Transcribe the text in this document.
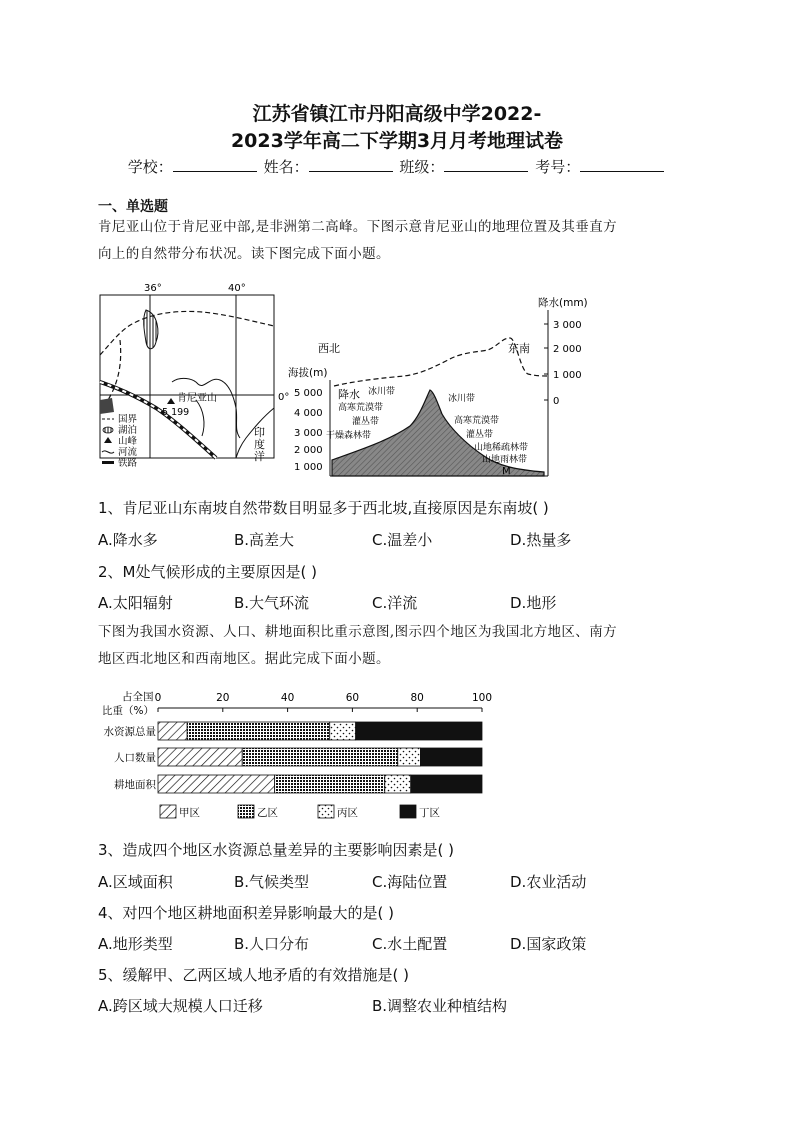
江苏省镇江市丹阳高级中学2022-
2023学年高二下学期3月月考地理试卷
学校：	姓名：	班级：	考号：
一、单选题
肯尼亚山位于肯尼亚中部,是非洲第二高峰。下图示意肯尼亚山的地理位置及其垂直方
向上的自然带分布状况。读下图完成下面小题。
36°	40°
0°
肯尼亚山
5 199
印
度
洋
国界
湖泊
山峰
河流
铁路
西北	东南
海拔(m)
降水(mm)
5 000
4 000
3 000
2 000
1 000
3 000
2 000
1 000
0
降水 冰川带
高寒荒漠带
灌丛带
干燥森林带
冰川带
高寒荒漠带
灌丛带
山地稀疏林带
山地雨林带
M
1、肯尼亚山东南坡自然带数目明显多于西北坡,直接原因是东南坡( )
A.降水多	B.高差大	C.温差小	D.热量多
2、M处气候形成的主要原因是( )
A.太阳辐射	B.大气环流	C.洋流	D.地形
下图为我国水资源、人口、耕地面积比重示意图,图示四个地区为我国北方地区、南方
地区西北地区和西南地区。据此完成下面小题。
占全国
比重（%）
0	20	40	60	80	100
水资源总量
人口数量
耕地面积
甲区	乙区	丙区	丁区
3、造成四个地区水资源总量差异的主要影响因素是( )
A.区域面积	B.气候类型	C.海陆位置	D.农业活动
4、对四个地区耕地面积差异影响最大的是( )
A.地形类型	B.人口分布	C.水土配置	D.国家政策
5、缓解甲、乙两区域人地矛盾的有效措施是( )
A.跨区域大规模人口迁移	B.调整农业种植结构
